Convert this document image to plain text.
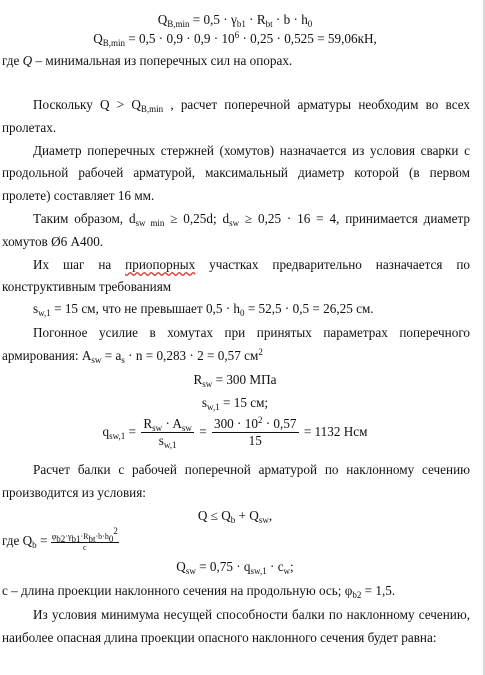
$Q_{B,min} = 0,5 \cdot \gamma_{b1} \cdot R_{bt} \cdot b \cdot h_0$
$Q_{B,min} = 0,5 \cdot 0,9 \cdot 0,9 \cdot 10^6 \cdot 0,25 \cdot 0,525 = 59,06кН$,
где Q – минимальная из поперечных сил на опорах.
Поскольку $Q > Q_{B,min}$ , расчет поперечной арматуры необходим во всех
пролетах.
Диаметр поперечных стержней (хомутов) назначается из условия сварки с
продольной рабочей арматурой, максимальный диаметр которой (в первом
пролете) составляет 16 мм.
Таким образом, $d_{sw min} \ge 0,25d$; $d_{sw} \ge 0,25 \cdot 16 = 4$, принимается диаметр
хомутов Ø6 А400.
Их шаг на приопорных участках предварительно назначается по
конструктивным требованиям
$s_{w,1} = 15$ см, что не превышает $0,5 \cdot h_0 = 52,5 \cdot 0,5 = 26,25$ см.
Погонное усилие в хомутах при принятых параметрах поперечного
армирования: $A_{sw} = a_s \cdot n = 0,283 \cdot 2 = 0,57$ $см^2$
$R_{sw} = 300$ МПа
$s_{w,1} = 15$ см;
$q_{sw,1} = \frac{R_{sw} \cdot A_{sw}}{s_{w,1}} = \frac{300 \cdot 10^2 \cdot 0,57}{15} = 1132$ Нсм
Расчет балки с рабочей поперечной арматурой по наклонному сечению
производится из условия:
$Q \le Q_b + Q_{sw}$,
где $Q_b = \frac{\varphi_{b2}\cdot\gamma_{b1}\cdot R_{bt}\cdot b\cdot h_0^2}{c}$
$Q_{sw} = 0,75 \cdot q_{sw,1} \cdot c_w$;
c – длина проекции наклонного сечения на продольную ось; $\varphi_{b2} = 1,5$.
Из условия минимума несущей способности балки по наклонному сечению,
наиболее опасная длина проекции опасного наклонного сечения будет равна:
